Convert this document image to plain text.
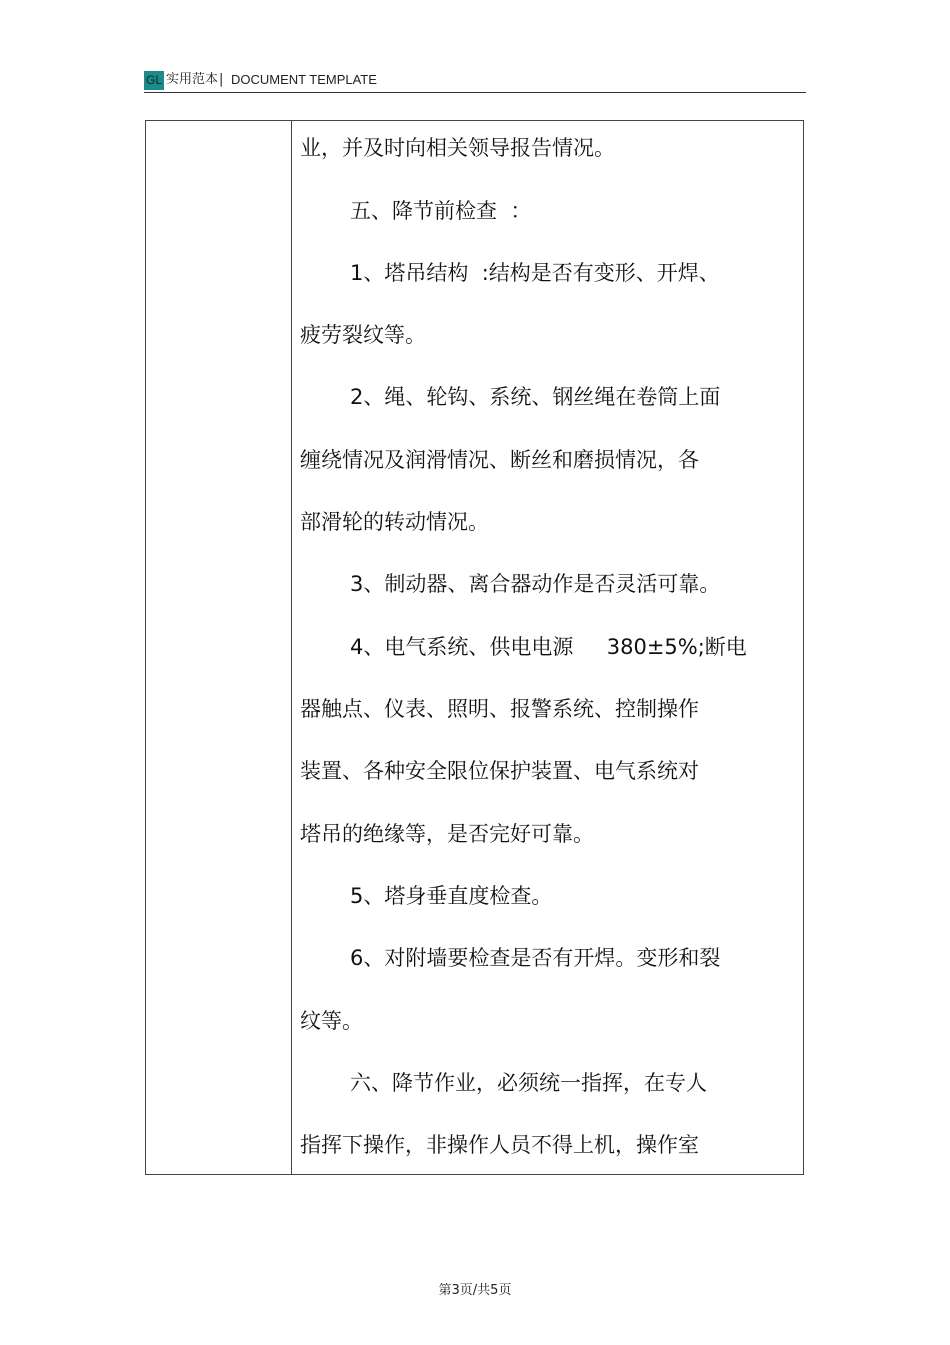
GL 实用范本 | DOCUMENT TEMPLATE
业，并及时向相关领导报告情况。
五、降节前检查  ：
1、塔吊结构  :结构是否有变形、开焊、
疲劳裂纹等。
2、绳、轮钩、系统、钢丝绳在卷筒上面
缠绕情况及润滑情况、断丝和磨损情况，各
部滑轮的转动情况。
3、制动器、离合器动作是否灵活可靠。
4、电气系统、供电电源     380±5%;断电
器触点、仪表、照明、报警系统、控制操作
装置、各种安全限位保护装置、电气系统对
塔吊的绝缘等，是否完好可靠。
5、塔身垂直度检查。
6、对附墙要检查是否有开焊。变形和裂
纹等。
六、降节作业，必须统一指挥，在专人
指挥下操作，非操作人员不得上机，操作室
第3页/共5页
